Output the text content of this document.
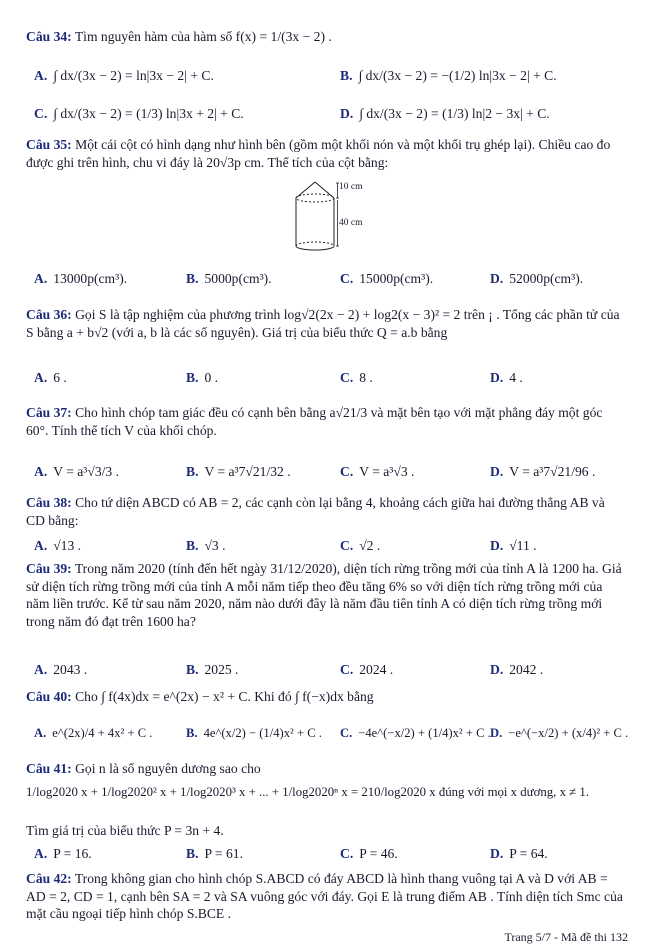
Câu 34: Tìm nguyên hàm của hàm số f(x) = 1/(3x − 2) .
A. ∫ dx/(3x − 2) = ln|3x − 2| + C.	B. ∫ dx/(3x − 2) = −(1/2) ln|3x − 2| + C.
C. ∫ dx/(3x − 2) = (1/3) ln|3x + 2| + C.	D. ∫ dx/(3x − 2) = (1/3) ln|2 − 3x| + C.
Câu 35: Một cái cột có hình dạng như hình bên (gồm một khối nón và một khối trụ ghép lại). Chiều cao đo được ghi trên hình, chu vi đáy là 20√3p cm. Thể tích của cột bằng:
10 cm
40 cm
A. 13000p(cm³).	B. 5000p(cm³).	C. 15000p(cm³).	D. 52000p(cm³).
Câu 36: Gọi S là tập nghiệm của phương trình log√2(2x − 2) + log2(x − 3)² = 2 trên ¡ . Tổng các phần tử của S bằng a + b√2 (với a, b là các số nguyên). Giá trị của biểu thức Q = a.b bằng
A. 6 .	B. 0 .	C. 8 .	D. 4 .
Câu 37: Cho hình chóp tam giác đều có cạnh bên bằng a√21/3 và mặt bên tạo với mặt phẳng đáy một góc 60°. Tính thể tích V của khối chóp.
A. V = a³√3/3 .	B. V = a³7√21/32 .	C. V = a³√3 .	D. V = a³7√21/96 .
Câu 38: Cho tứ diện ABCD có AB = 2, các cạnh còn lại bằng 4, khoảng cách giữa hai đường thẳng AB và CD bằng:
A. √13 .	B. √3 .	C. √2 .	D. √11 .
Câu 39: Trong năm 2020 (tính đến hết ngày 31/12/2020), diện tích rừng trồng mới của tỉnh A là 1200 ha. Giả sử diện tích rừng trồng mới của tỉnh A mỗi năm tiếp theo đều tăng 6% so với diện tích rừng trồng mới của năm liền trước. Kể từ sau năm 2020, năm nào dưới đây là năm đầu tiên tỉnh A có diện tích rừng trồng mới trong năm đó đạt trên 1600 ha?
A. 2043 .	B. 2025 .	C. 2024 .	D. 2042 .
Câu 40: Cho ∫ f(4x)dx = e^(2x) − x² + C. Khi đó ∫ f(−x)dx bằng
A. e^(2x)/4 + 4x² + C .	B. 4e^(x/2) − (1/4)x² + C . C. −4e^(−x/2) + (1/4)x² + C . D. −e^(−x/2) + (x/4)² + C .
Câu 41: Gọi n là số nguyên dương sao cho
1/log2020 x + 1/log2020² x + 1/log2020³ x + ... + 1/log2020ⁿ x = 210/log2020 x đúng với mọi x dương, x ≠ 1.
Tìm giá trị của biểu thức P = 3n + 4.
A. P = 16.	B. P = 61.	C. P = 46.	D. P = 64.
Câu 42: Trong không gian cho hình chóp S.ABCD có đáy ABCD là hình thang vuông tại A và D với AB = AD = 2, CD = 1, cạnh bên SA = 2 và SA vuông góc với đáy. Gọi E là trung điểm AB . Tính diện tích Smc của mặt cầu ngoại tiếp hình chóp S.BCE .
Trang 5/7 - Mã đề thi 132
